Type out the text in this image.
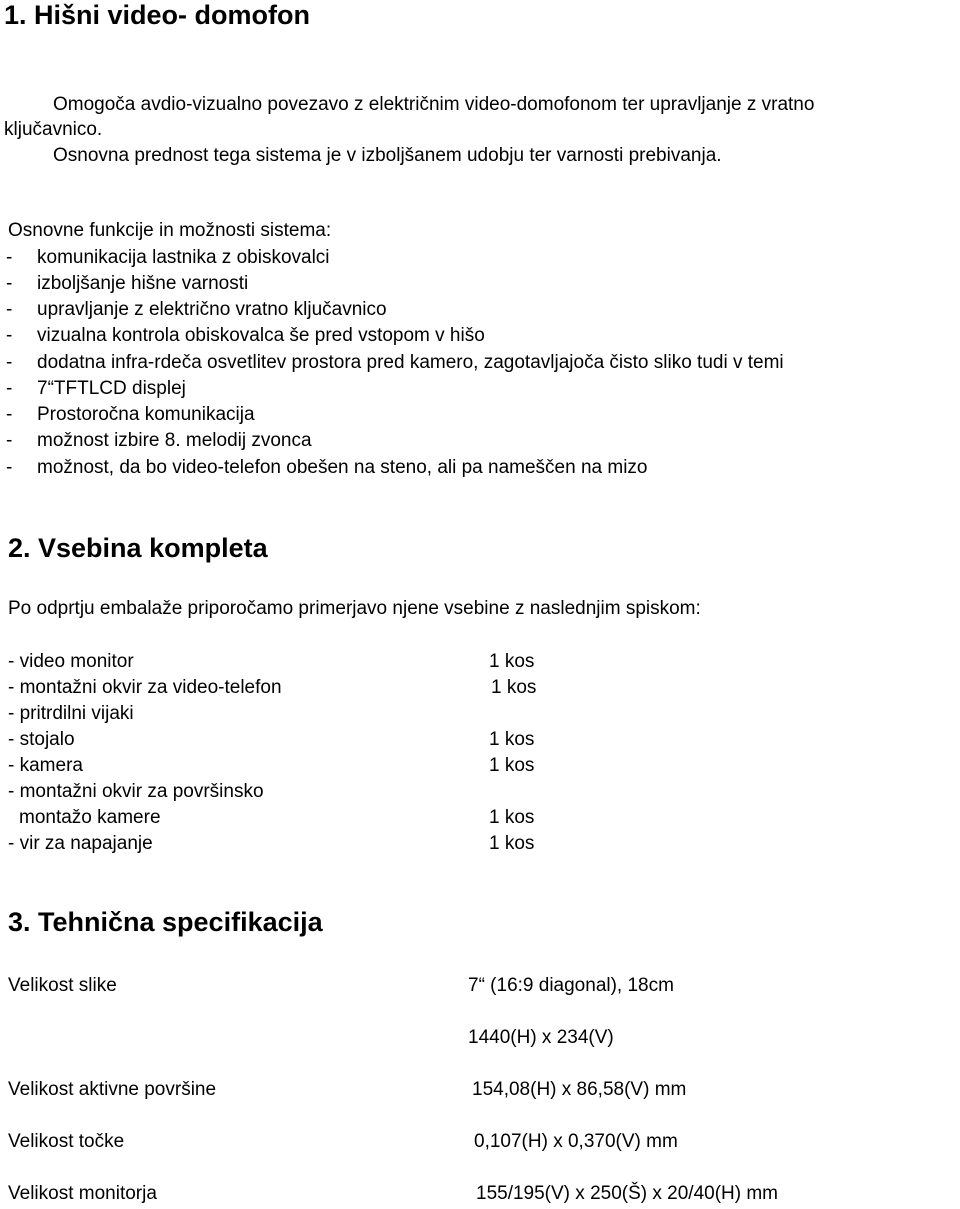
1. Hišni video- domofon
Omogoča avdio-vizualno povezavo z električnim video-domofonom ter upravljanje z vratno
ključavnico.
Osnovna prednost tega sistema je v izboljšanem udobju ter varnosti prebivanja.
Osnovne funkcije in možnosti sistema:
- komunikacija lastnika z obiskovalci
- izboljšanje hišne varnosti
- upravljanje z električno vratno ključavnico
- vizualna kontrola obiskovalca še pred vstopom v hišo
- dodatna infra-rdeča osvetlitev prostora pred kamero, zagotavljajoča čisto sliko tudi v temi
- 7“TFTLCD displej
- Prostoročna komunikacija
- možnost izbire 8. melodij zvonca
- možnost, da bo video-telefon obešen na steno, ali pa nameščen na mizo
2. Vsebina kompleta
Po odprtju embalaže priporočamo primerjavo njene vsebine z naslednjim spiskom:
- video monitor	1 kos
- montažni okvir za video-telefon	1 kos
- pritrdilni vijaki
- stojalo	1 kos
- kamera	1 kos
- montažni okvir za površinsko
montažo kamere	1 kos
- vir za napajanje	1 kos
3. Tehnična specifikacija
Velikost slike	7“ (16:9 diagonal), 18cm
1440(H) x 234(V)
Velikost aktivne površine	154,08(H) x 86,58(V) mm
Velikost točke	0,107(H) x 0,370(V) mm
Velikost monitorja	155/195(V) x 250(Š) x 20/40(H) mm
